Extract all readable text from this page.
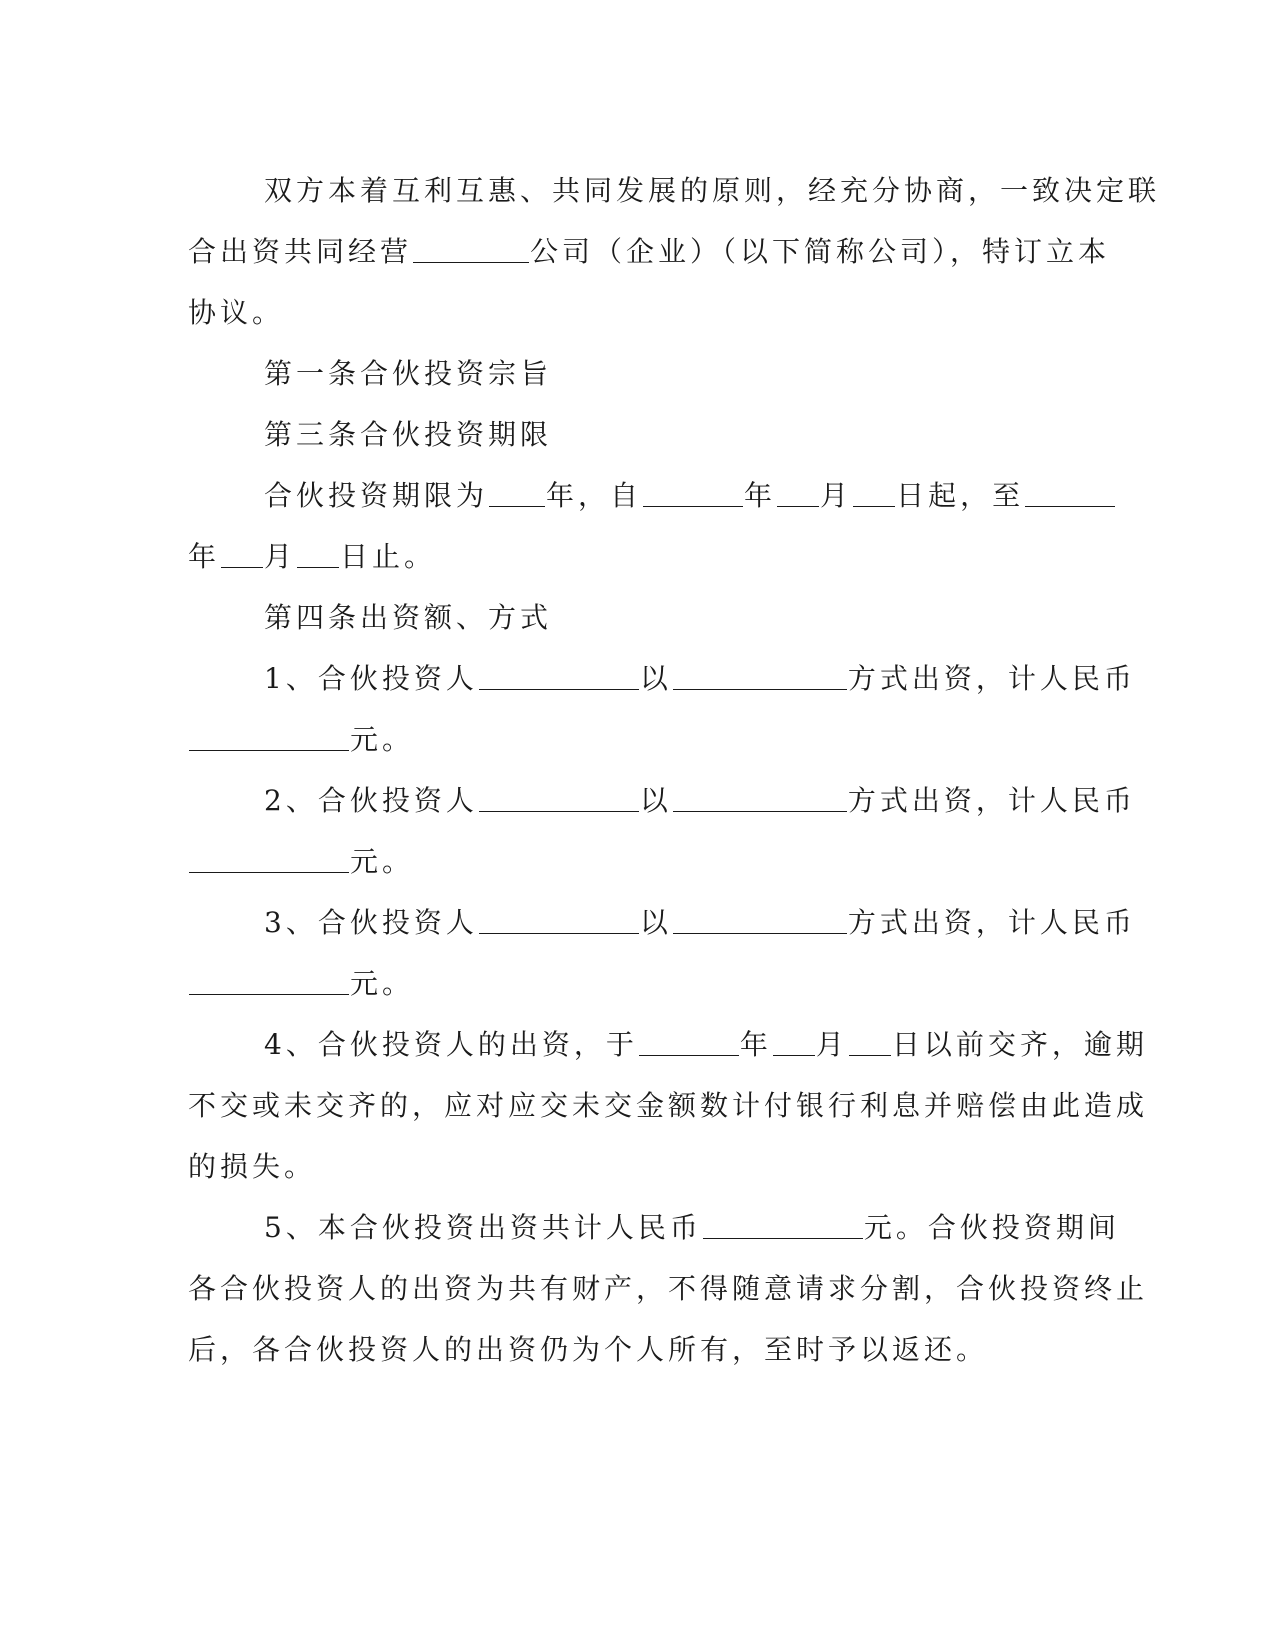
双方本着互利互惠、共同发展的原则，经充分协商，一致决定联

合出资共同经营	公司（企业）（以下简称公司），特订立本

协议。

第一条合伙投资宗旨

第三条合伙投资期限

合伙投资期限为 年，自	年 月 日起，至

年 月 日止。

第四条出资额、方式

1、合伙投资人	以	方式出资，计人民币

元。

2、合伙投资人	以	方式出资，计人民币

元。

3、合伙投资人	以	方式出资，计人民币

元。

4、合伙投资人的出资，于	年 月 日以前交齐，逾期

不交或未交齐的，应对应交未交金额数计付银行利息并赔偿由此造成

的损失。

5、本合伙投资出资共计人民币	元。合伙投资期间

各合伙投资人的出资为共有财产，不得随意请求分割，合伙投资终止

后，各合伙投资人的出资仍为个人所有，至时予以返还。
